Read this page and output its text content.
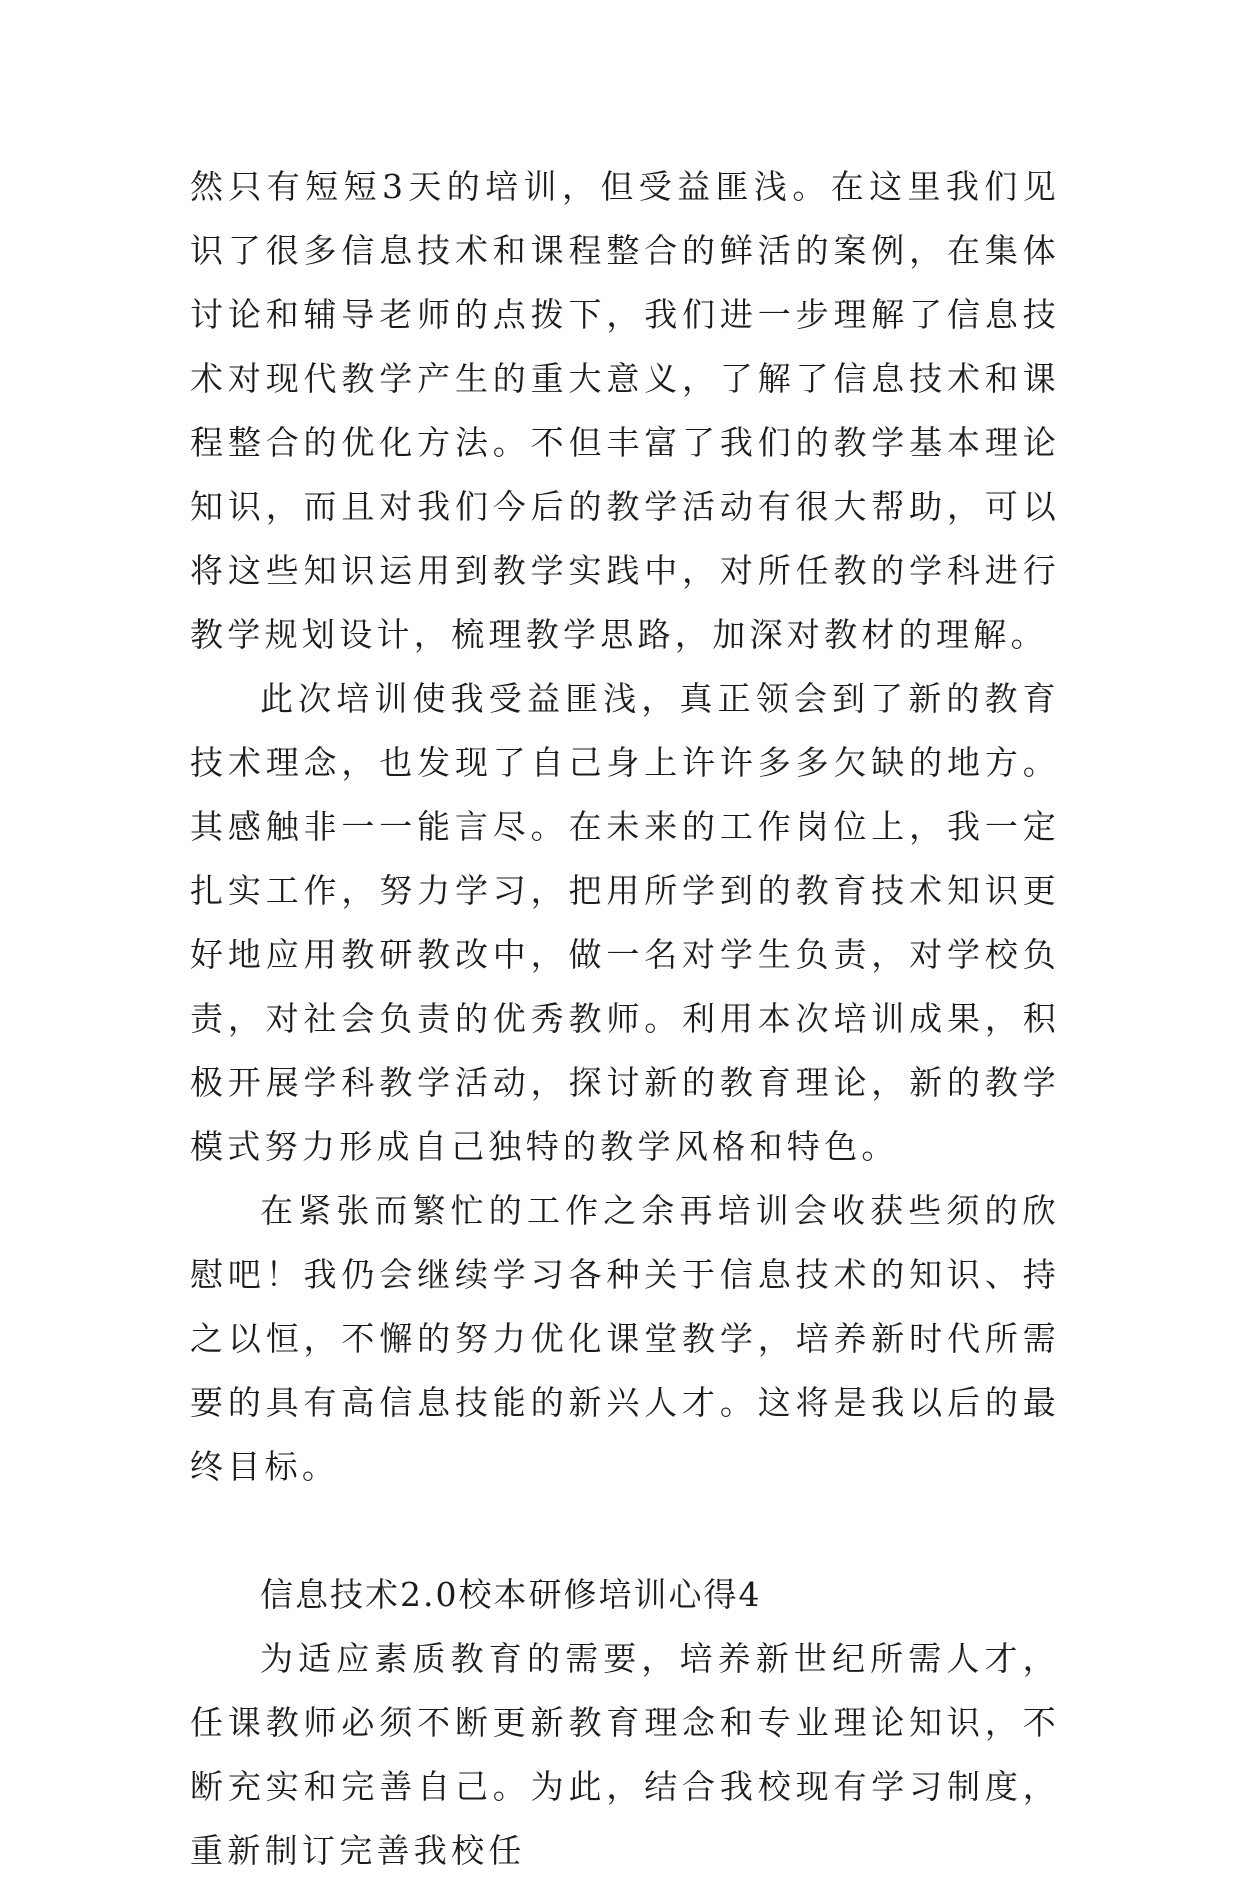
然只有短短3天的培训，但受益匪浅。在这里我们见识了很多信息技术和课程整合的鲜活的案例，在集体讨论和辅导老师的点拨下，我们进一步理解了信息技术对现代教学产生的重大意义，了解了信息技术和课程整合的优化方法。不但丰富了我们的教学基本理论知识，而且对我们今后的教学活动有很大帮助，可以将这些知识运用到教学实践中，对所任教的学科进行教学规划设计，梳理教学思路，加深对教材的理解。

此次培训使我受益匪浅，真正领会到了新的教育技术理念，也发现了自己身上许许多多欠缺的地方。其感触非一一能言尽。在未来的工作岗位上，我一定扎实工作，努力学习，把用所学到的教育技术知识更好地应用教研教改中，做一名对学生负责，对学校负责，对社会负责的优秀教师。利用本次培训成果，积极开展学科教学活动，探讨新的教育理论，新的教学模式努力形成自己独特的教学风格和特色。

在紧张而繁忙的工作之余再培训会收获些须的欣慰吧！我仍会继续学习各种关于信息技术的知识、持之以恒，不懈的努力优化课堂教学，培养新时代所需要的具有高信息技能的新兴人才。这将是我以后的最终目标。

信息技术2.0校本研修培训心得4

为适应素质教育的需要，培养新世纪所需人才，任课教师必须不断更新教育理念和专业理论知识，不断充实和完善自己。为此，结合我校现有学习制度，重新制订完善我校任
